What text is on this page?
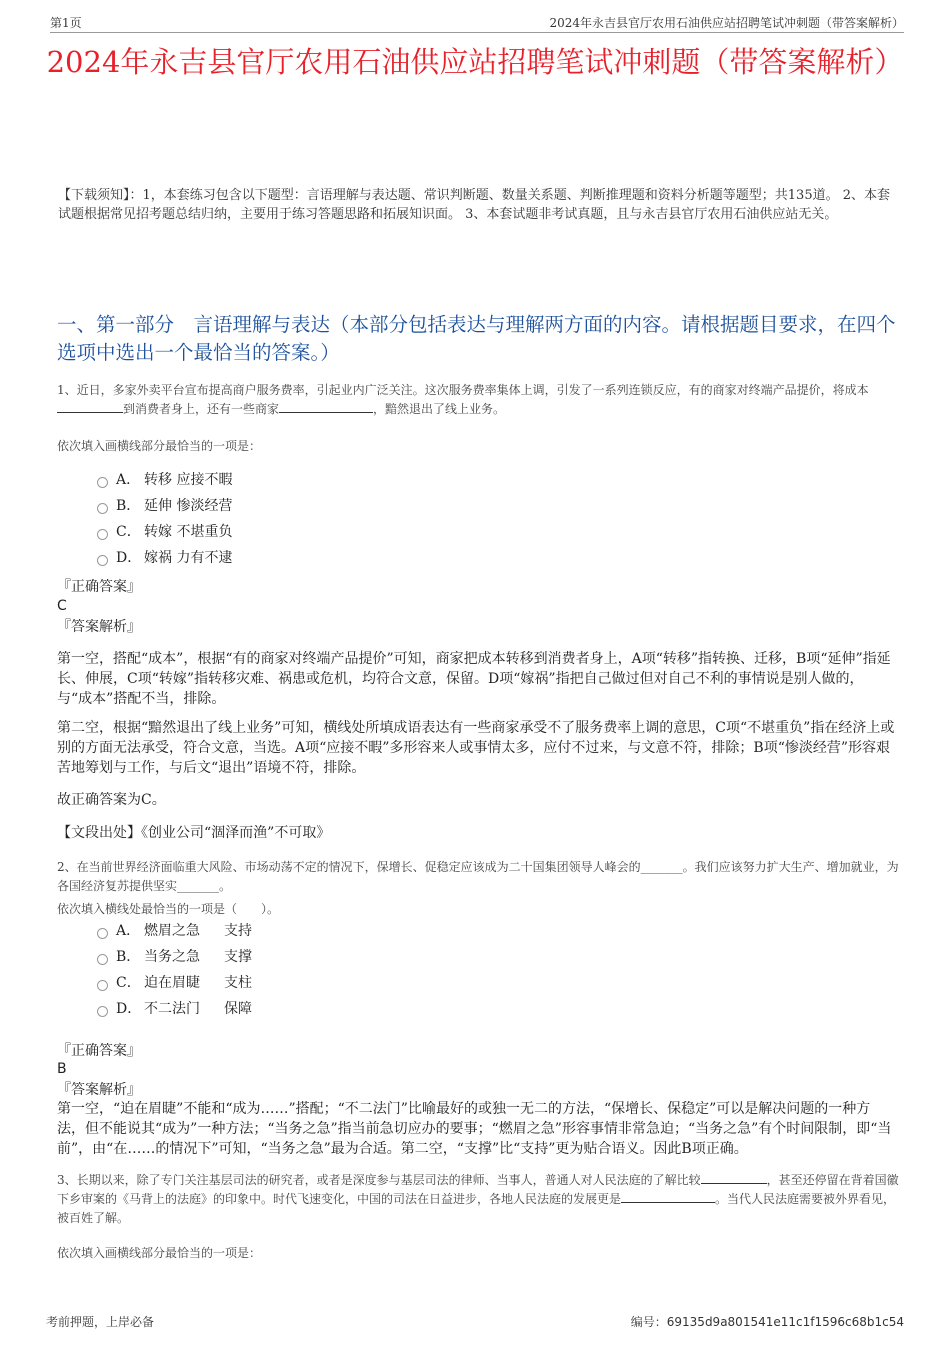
第1页	2024年永吉县官厅农用石油供应站招聘笔试冲刺题（带答案解析）
2024年永吉县官厅农用石油供应站招聘笔试冲刺题（带答案解析）
【下载须知】：1，本套练习包含以下题型：言语理解与表达题、常识判断题、数量关系题、判断推理题和资料分析题等题型；共135道。 2、本套试题根据常见招考题总结归纳，主要用于练习答题思路和拓展知识面。 3、本套试题非考试真题，且与永吉县官厅农用石油供应站无关。
一、第一部分　言语理解与表达（本部分包括表达与理解两方面的内容。请根据题目要求，在四个选项中选出一个最恰当的答案。）
1、近日，多家外卖平台宣布提高商户服务费率，引起业内广泛关注。这次服务费率集体上调，引发了一系列连锁反应，有的商家对终端产品提价，将成本到消费者身上，还有一些商家	，黯然退出了线上业务。
依次填入画横线部分最恰当的一项是：
A． 转移 应接不暇
B． 延伸 惨淡经营
C． 转嫁 不堪重负
D． 嫁祸 力有不逮
『正确答案』
C
『答案解析』
第一空，搭配“成本”，根据“有的商家对终端产品提价”可知，商家把成本转移到消费者身上，A项“转移”指转换、迁移，B项“延伸”指延长、伸展，C项“转嫁”指转移灾难、祸患或危机，均符合文意，保留。D项“嫁祸”指把自己做过但对自己不利的事情说是别人做的，与“成本”搭配不当，排除。
第二空，根据“黯然退出了线上业务”可知，横线处所填成语表达有一些商家承受不了服务费率上调的意思，C项“不堪重负”指在经济上或别的方面无法承受，符合文意，当选。A项“应接不暇”多形容来人或事情太多，应付不过来，与文意不符，排除；B项“惨淡经营”形容艰苦地筹划与工作，与后文“退出”语境不符，排除。
故正确答案为C。
【文段出处】《创业公司“涸泽而渔”不可取》
2、在当前世界经济面临重大风险、市场动荡不定的情况下，保增长、促稳定应该成为二十国集团领导人峰会的_______。我们应该努力扩大生产、增加就业，为各国经济复苏提供坚实_______。
依次填入横线处最恰当的一项是（　　）。
A． 燃眉之急 支持
B． 当务之急 支撑
C． 迫在眉睫 支柱
D． 不二法门 保障
『正确答案』
B
『答案解析』
第一空，“迫在眉睫”不能和“成为……”搭配；“不二法门”比喻最好的或独一无二的方法，“保增长、保稳定”可以是解决问题的一种方法，但不能说其“成为”一种方法；“当务之急”指当前急切应办的要事；“燃眉之急”形容事情非常急迫；“当务之急”有个时间限制，即“当前”，由“在……的情况下”可知，“当务之急”最为合适。第二空，“支撑”比“支持”更为贴合语义。因此B项正确。
3、长期以来，除了专门关注基层司法的研究者，或者是深度参与基层司法的律师、当事人，普通人对人民法庭的了解比较	，甚至还停留在背着国徽下乡审案的《马背上的法庭》的印象中。时代飞速变化，中国的司法在日益进步，各地人民法庭的发展更是	。当代人民法庭需要被外界看见，被百姓了解。
依次填入画横线部分最恰当的一项是：
考前押题，上岸必备	编号：69135d9a801541e11c1f1596c68b1c54
